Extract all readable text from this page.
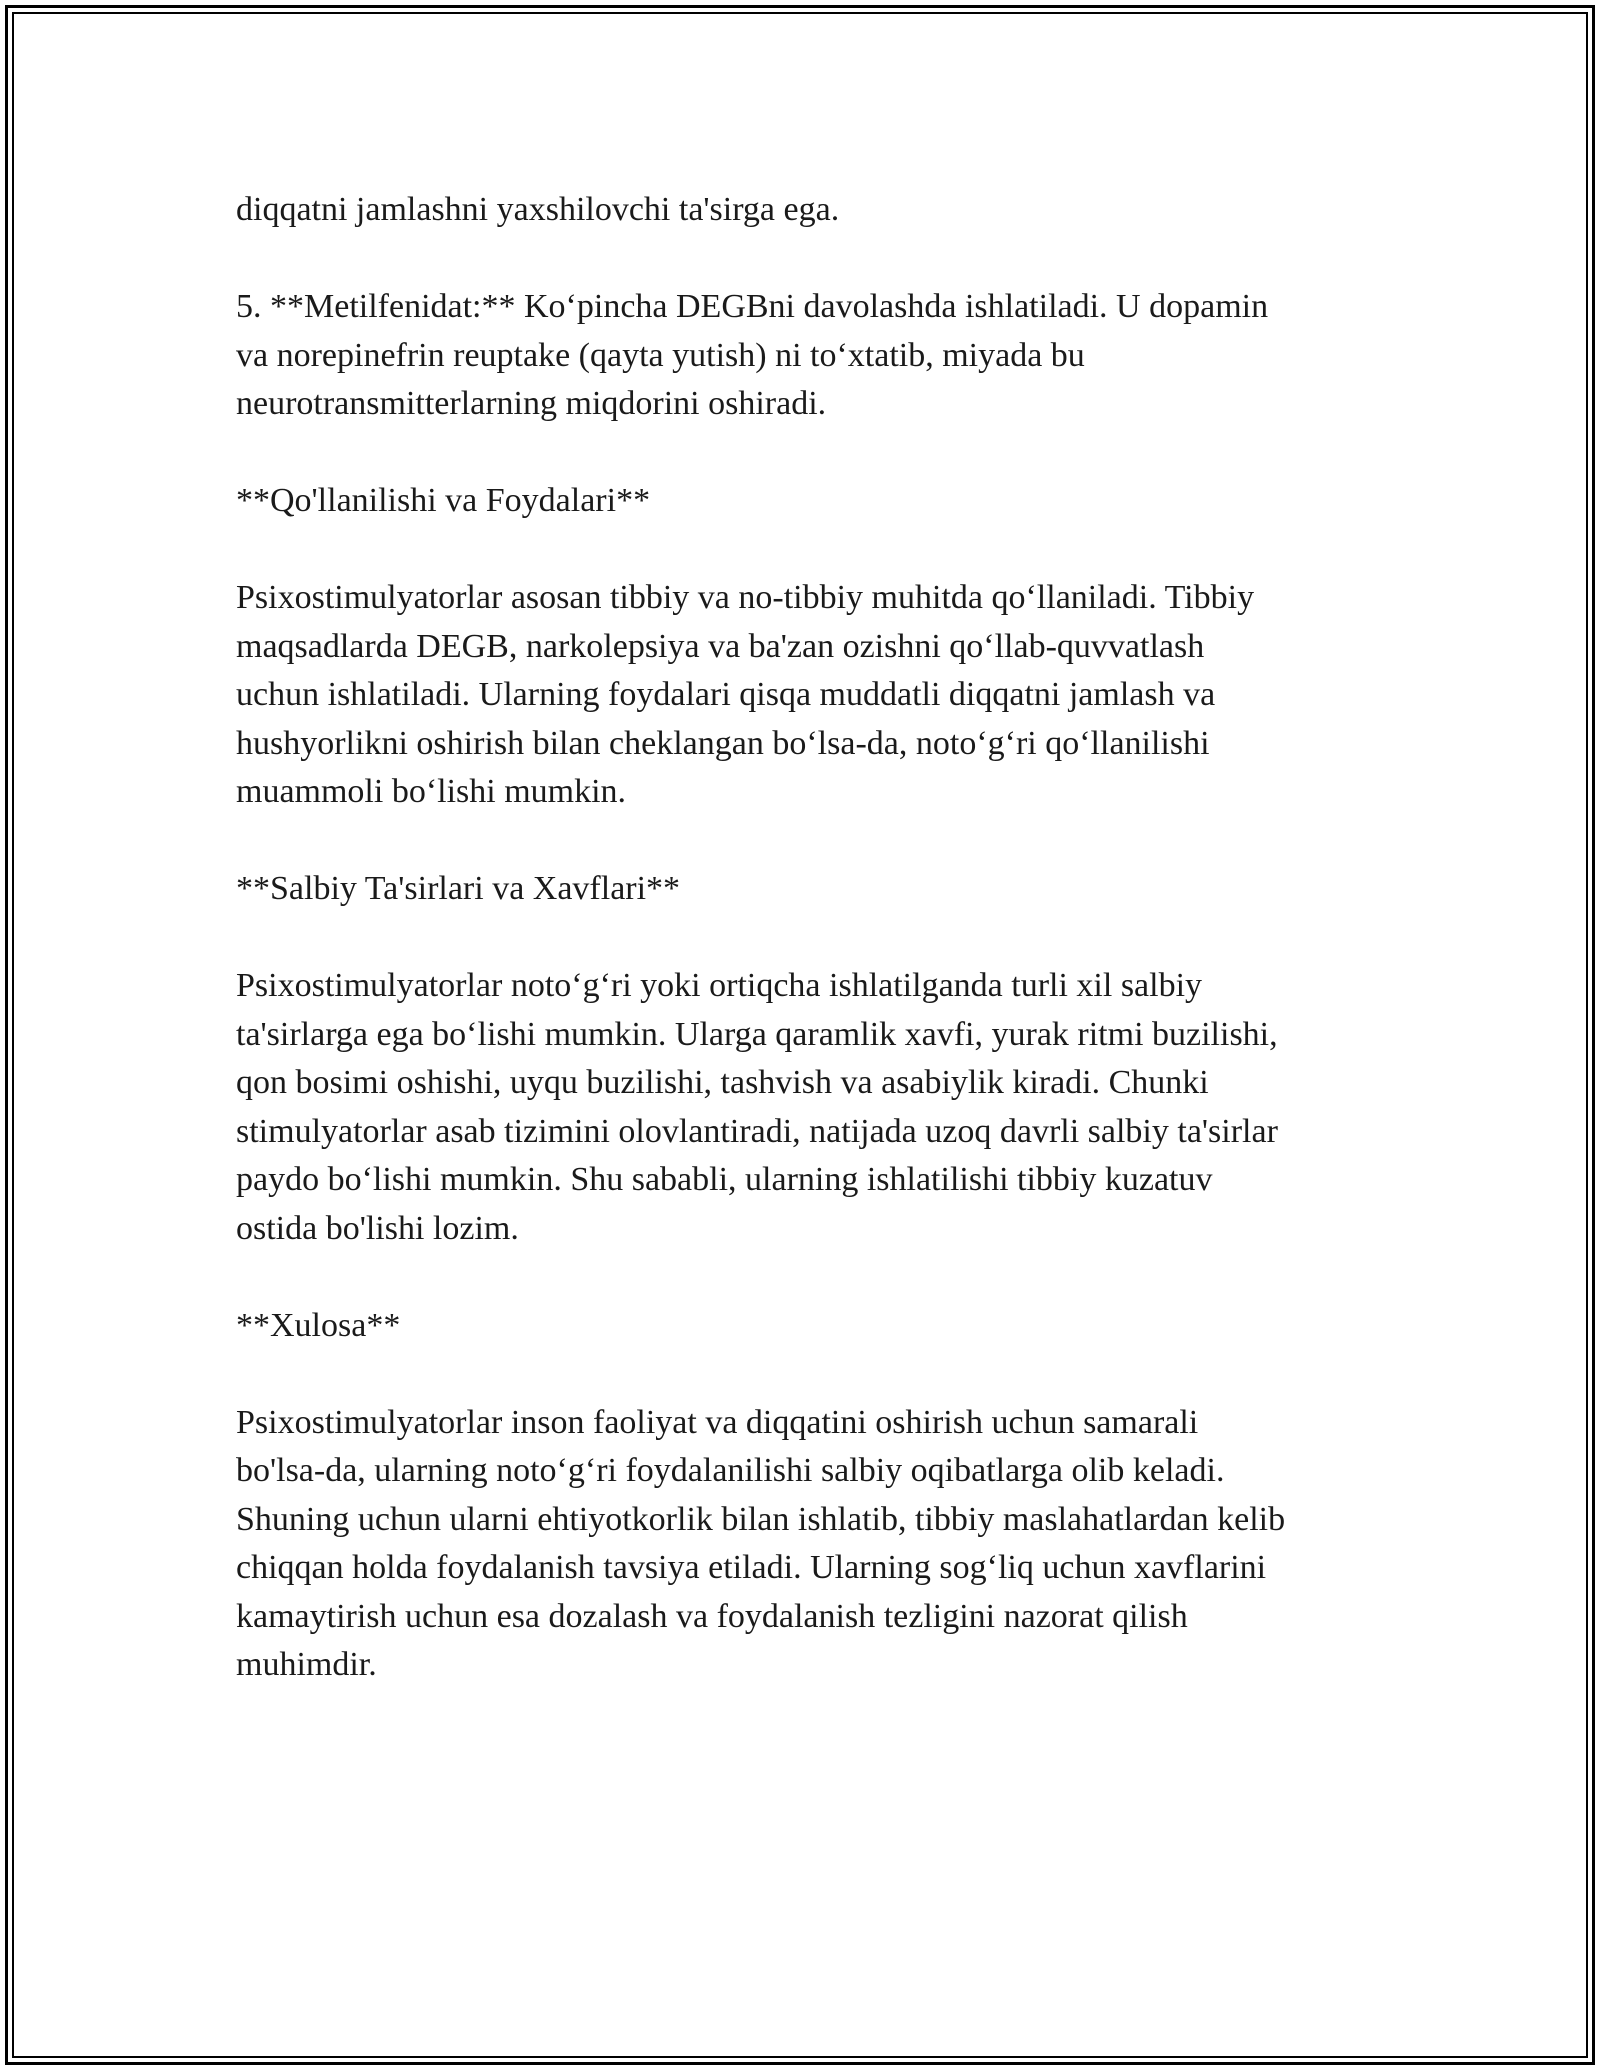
diqqatni jamlashni yaxshilovchi ta'sirga ega.

5. **Metilfenidat:** Ko‘pincha DEGBni davolashda ishlatiladi. U dopamin
va norepinefrin reuptake (qayta yutish) ni to‘xtatib, miyada bu
neurotransmitterlarning miqdorini oshiradi.

**Qo'llanilishi va Foydalari**

Psixostimulyatorlar asosan tibbiy va no-tibbiy muhitda qo‘llaniladi. Tibbiy
maqsadlarda DEGB, narkolepsiya va ba'zan ozishni qo‘llab-quvvatlash
uchun ishlatiladi. Ularning foydalari qisqa muddatli diqqatni jamlash va
hushyorlikni oshirish bilan cheklangan bo‘lsa-da, noto‘g‘ri qo‘llanilishi
muammoli bo‘lishi mumkin.

**Salbiy Ta'sirlari va Xavflari**

Psixostimulyatorlar noto‘g‘ri yoki ortiqcha ishlatilganda turli xil salbiy
ta'sirlarga ega bo‘lishi mumkin. Ularga qaramlik xavfi, yurak ritmi buzilishi,
qon bosimi oshishi, uyqu buzilishi, tashvish va asabiylik kiradi. Chunki
stimulyatorlar asab tizimini olovlantiradi, natijada uzoq davrli salbiy ta'sirlar
paydo bo‘lishi mumkin. Shu sababli, ularning ishlatilishi tibbiy kuzatuv
ostida bo'lishi lozim.

**Xulosa**

Psixostimulyatorlar inson faoliyat va diqqatini oshirish uchun samarali
bo'lsa-da, ularning noto‘g‘ri foydalanilishi salbiy oqibatlarga olib keladi.
Shuning uchun ularni ehtiyotkorlik bilan ishlatib, tibbiy maslahatlardan kelib
chiqqan holda foydalanish tavsiya etiladi. Ularning sog‘liq uchun xavflarini
kamaytirish uchun esa dozalash va foydalanish tezligini nazorat qilish
muhimdir.
